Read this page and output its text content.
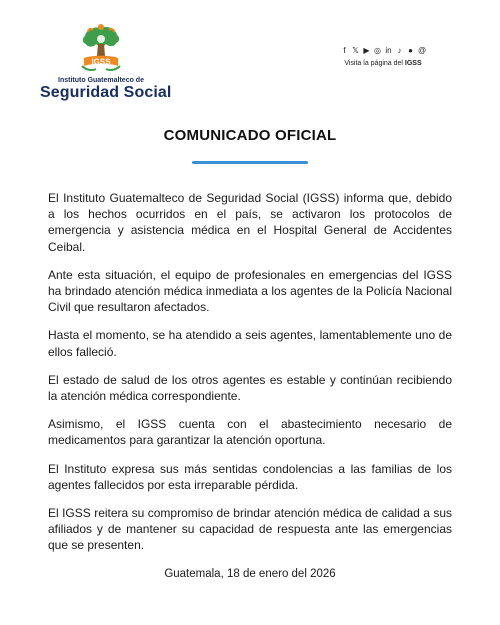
IGSS
Instituto Guatemalteco de
Seguridad Social
f 𝕏 ▶ ◎ in ♪ ● @
Visita la página del IGSS
COMUNICADO OFICIAL

El Instituto Guatemalteco de Seguridad Social (IGSS) informa que, debido a los hechos ocurridos en el país, se activaron los protocolos de emergencia y asistencia médica en el Hospital General de Accidentes Ceibal.

Ante esta situación, el equipo de profesionales en emergencias del IGSS ha brindado atención médica inmediata a los agentes de la Policía Nacional Civil que resultaron afectados.

Hasta el momento, se ha atendido a seis agentes, lamentablemente uno de ellos falleció.

El estado de salud de los otros agentes es estable y continúan recibiendo la atención médica correspondiente.

Asimismo, el IGSS cuenta con el abastecimiento necesario de medicamentos para garantizar la atención oportuna.

El Instituto expresa sus más sentidas condolencias a las familias de los agentes fallecidos por esta irreparable pérdida.

El IGSS reitera su compromiso de brindar atención médica de calidad a sus afiliados y de mantener su capacidad de respuesta ante las emergencias que se presenten.

Guatemala, 18 de enero del 2026
